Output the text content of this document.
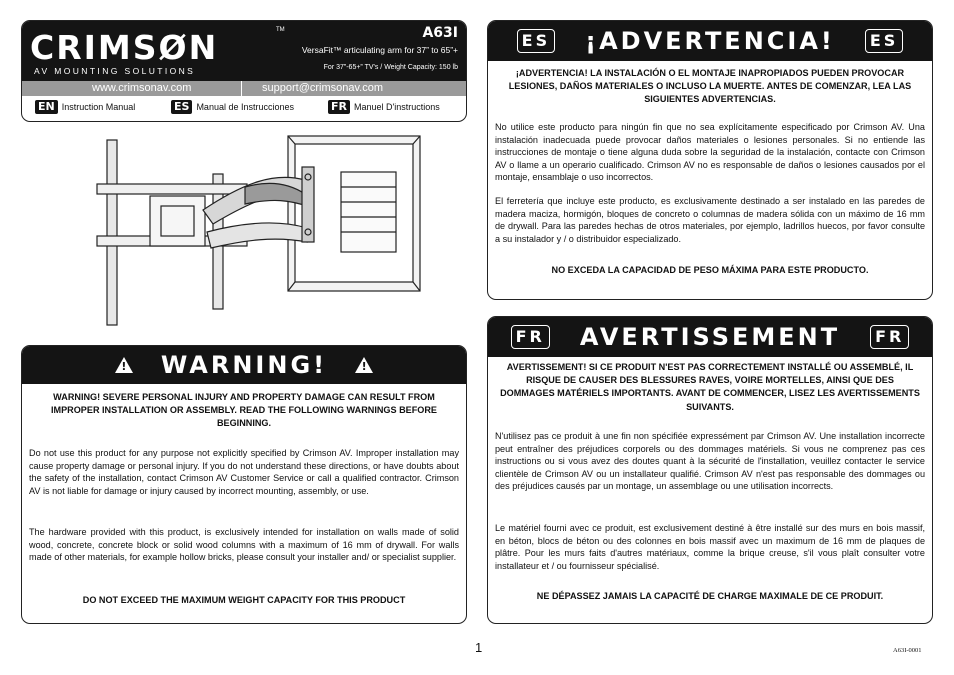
CRIMSØN	TM
AV MOUNTING SOLUTIONS
A63I
VersaFit™ articulating arm for 37” to 65”+
For 37”-65+” TV's / Weight Capacity: 150 lb
www.crimsonav.com	support@crimsonav.com
EN Instruction Manual	ES Manual de Instrucciones	FR Manuel D'instructions
!
WARNING!
!
WARNING! SEVERE PERSONAL INJURY AND PROPERTY DAMAGE CAN RESULT FROM IMPROPER INSTALLATION OR ASSEMBLY. READ THE FOLLOWING WARNINGS BEFORE BEGINNING.
Do not use this product for any purpose not explicitly specified by Crimson AV. Improper installation may cause property damage or personal injury. If you do not understand these directions, or have doubts about the safety of the installation, contact Crimson AV Customer Service or call a qualified contractor. Crimson AV is not liable for damage or injury caused by incorrect mounting, assembly, or use.
The hardware provided with this product, is exclusively intended for installation on walls made of solid wood, concrete, concrete block or solid wood columns with a maximum of 16 mm of drywall. For walls made of other materials, for example hollow bricks, please consult your installer and/ or specialist supplier.
DO NOT EXCEED THE MAXIMUM WEIGHT CAPACITY FOR THIS PRODUCT
ES ¡ADVERTENCIA!	ES
¡ADVERTENCIA! LA INSTALACIÓN O EL MONTAJE INAPROPIADOS PUEDEN PROVOCAR LESIONES, DAÑOS MATERIALES O INCLUSO LA MUERTE. ANTES DE COMENZAR, LEA LAS SIGUIENTES ADVERTENCIAS.
No utilice este producto para ningún fin que no sea explícitamente especificado por Crimson AV. Una instalación inadecuada puede provocar daños materiales o lesiones personales. Si no entiende las instrucciones de montaje o tiene alguna duda sobre la seguridad de la instalación, contacte con Crimson AV o llame a un operario cualificado. Crimson AV no es responsable de daños o lesiones causados por el montaje, ensamblaje o uso incorrectos.
El ferretería que incluye este producto, es exclusivamente destinado a ser instalado en las paredes de madera maciza, hormigón, bloques de concreto o columnas de madera sólida con un máximo de 16 mm de drywall. Para las paredes hechas de otros materiales, por ejemplo, ladrillos huecos, por favor consulte a su instalador y / o distribuidor especializado.
NO EXCEDA LA CAPACIDAD DE PESO MÁXIMA PARA ESTE PRODUCTO.
FR AVERTISSEMENT	FR
AVERTISSEMENT! SI CE PRODUIT N'EST PAS CORRECTEMENT INSTALLÉ OU ASSEMBLÉ, IL RISQUE DE CAUSER DES BLESSURES RAVES, VOIRE MORTELLES, AINSI QUE DES DOMMAGES MATÉRIELS IMPORTANTS. AVANT DE COMMENCER, LISEZ LES AVERTISSEMENTS SUIVANTS.
N'utilisez pas ce produit à une fin non spécifiée expressément par Crimson AV. Une installation incorrecte peut entraîner des préjudices corporels ou des dommages matériels. Si vous ne comprenez pas ces instructions ou si vous avez des doutes quant à la sécurité de l'installation, veuillez contacter le service clientèle de Crimson AV ou un installateur qualifié. Crimson AV n'est pas responsable des dommages ou des préjudices causés par un montage, un assemblage ou une utilisation incorrects.
Le matériel fourni avec ce produit, est exclusivement destiné à être installé sur des murs en bois massif, en béton, blocs de béton ou des colonnes en bois massif avec un maximum de 16 mm de plaques de plâtre. Pour les murs faits d'autres matériaux, comme la brique creuse, s'il vous plaît consulter votre installateur et / ou fournisseur spécialisé.
NE DÉPASSEZ JAMAIS LA CAPACITÉ DE CHARGE MAXIMALE DE CE PRODUIT.
1	A63I-0001
